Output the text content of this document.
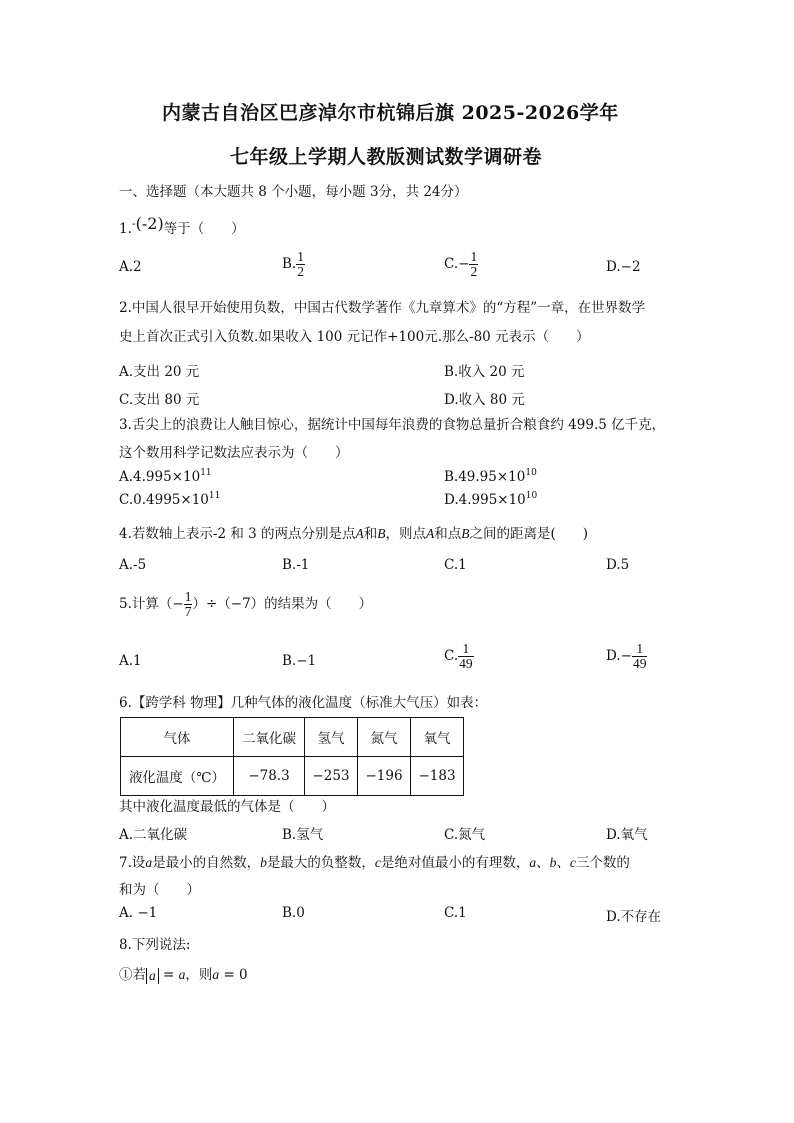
内蒙古自治区巴彦淖尔市杭锦后旗 2025-2026学年
七年级上学期人教版测试数学调研卷
一、选择题（本大题共 8 个小题，每小题 3分，共 24分）
1.-(-2)等于（　　）
A.2	B. $\frac{1}{2}$	$C.- \frac{1}{2}$	D.−2
2.中国人很早开始使用负数，中国古代数学著作《九章算术》的“方程”一章，在世界数学
史上首次正式引入负数.如果收入 100 元记作+100元.那么-80 元表示（　　）
A.支出 20 元	B.收入 20 元
C.支出 80 元	D.收入 80 元
3.舌尖上的浪费让人触目惊心，据统计中国每年浪费的食物总量折合粮食约 499.5 亿千克，
这个数用科学记数法应表示为（　　）
$A.4.995\times 10^{11}$	$B.49.95\times 10^{10}$
$C.0.4995\times 10^{11}$	$D.4.995\times 10^{10}$
4.若数轴上表示-2 和 3 的两点分别是点A和B，则点A和点B之间的距离是(　　)
A.-5	B.-1	C.1	D.5
5.计算（− $\frac{1}{7} )\div(-7)$的结果为（　　）
A.1	B.−1	C. $\frac{1}{49}$	$D.- \frac{1}{49}$
6.【跨学科 物理】几种气体的液化温度（标准大气压）如表：
气体	二氧化碳	氢气	氮气	氧气
液化温度（℃）	−78.3	−253	−196	−183
其中液化温度最低的气体是（　　）
A.二氧化碳	B.氢气	C.氮气	D.氧气
7.设a是最小的自然数，b是最大的负整数，c是绝对值最小的有理数，a、b、c三个数的
和为（　　）
A. −1	B.0	C.1	D.不存在
8.下列说法:
①若 a = a，则a = 0
